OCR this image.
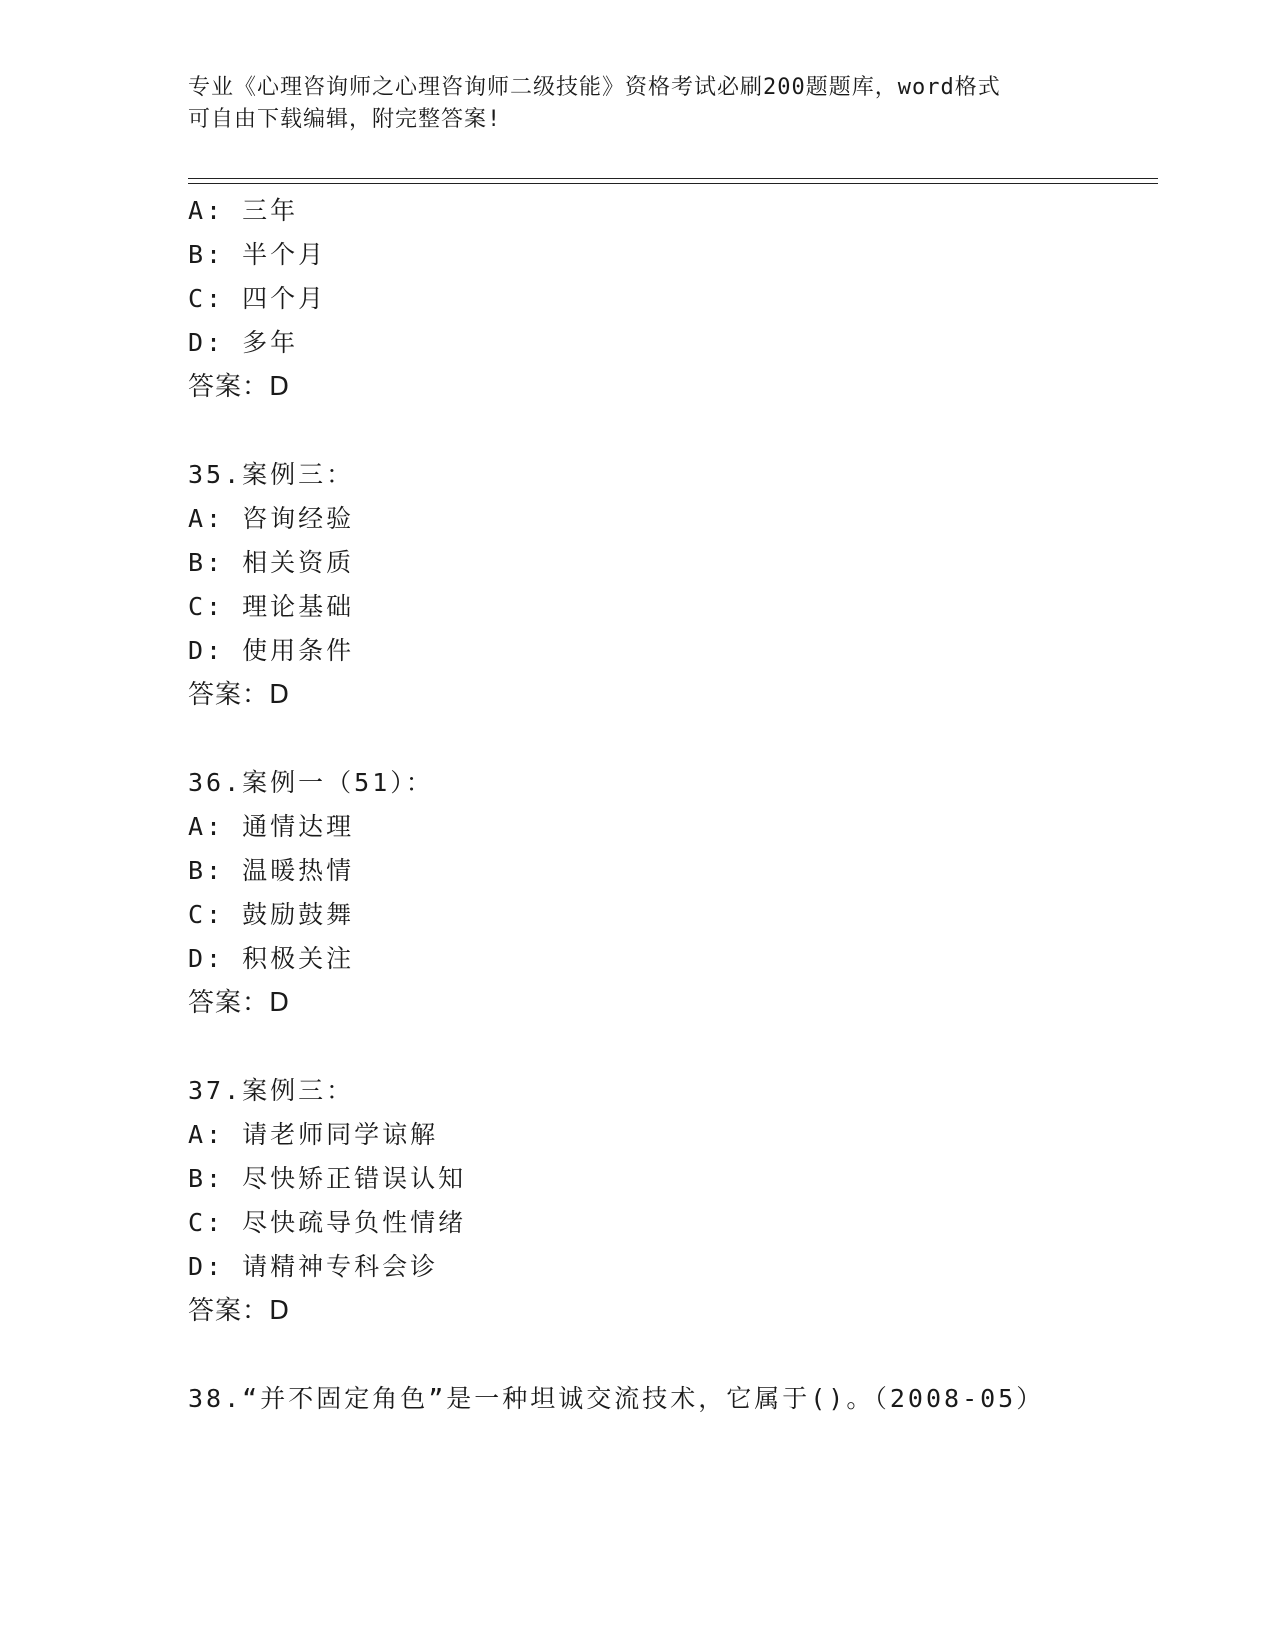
专业《心理咨询师之心理咨询师二级技能》资格考试必刷200题题库，word格式
可自由下载编辑，附完整答案!
A: 三年
B: 半个月
C: 四个月
D: 多年
答案：D
35.案例三：
A: 咨询经验
B: 相关资质
C: 理论基础
D: 使用条件
答案：D
36.案例一（51）：
A: 通情达理
B: 温暖热情
C: 鼓励鼓舞
D: 积极关注
答案：D
37.案例三：
A: 请老师同学谅解
B: 尽快矫正错误认知
C: 尽快疏导负性情绪
D: 请精神专科会诊
答案：D
38.“并不固定角色”是一种坦诚交流技术，它属于()。（2008-05）
